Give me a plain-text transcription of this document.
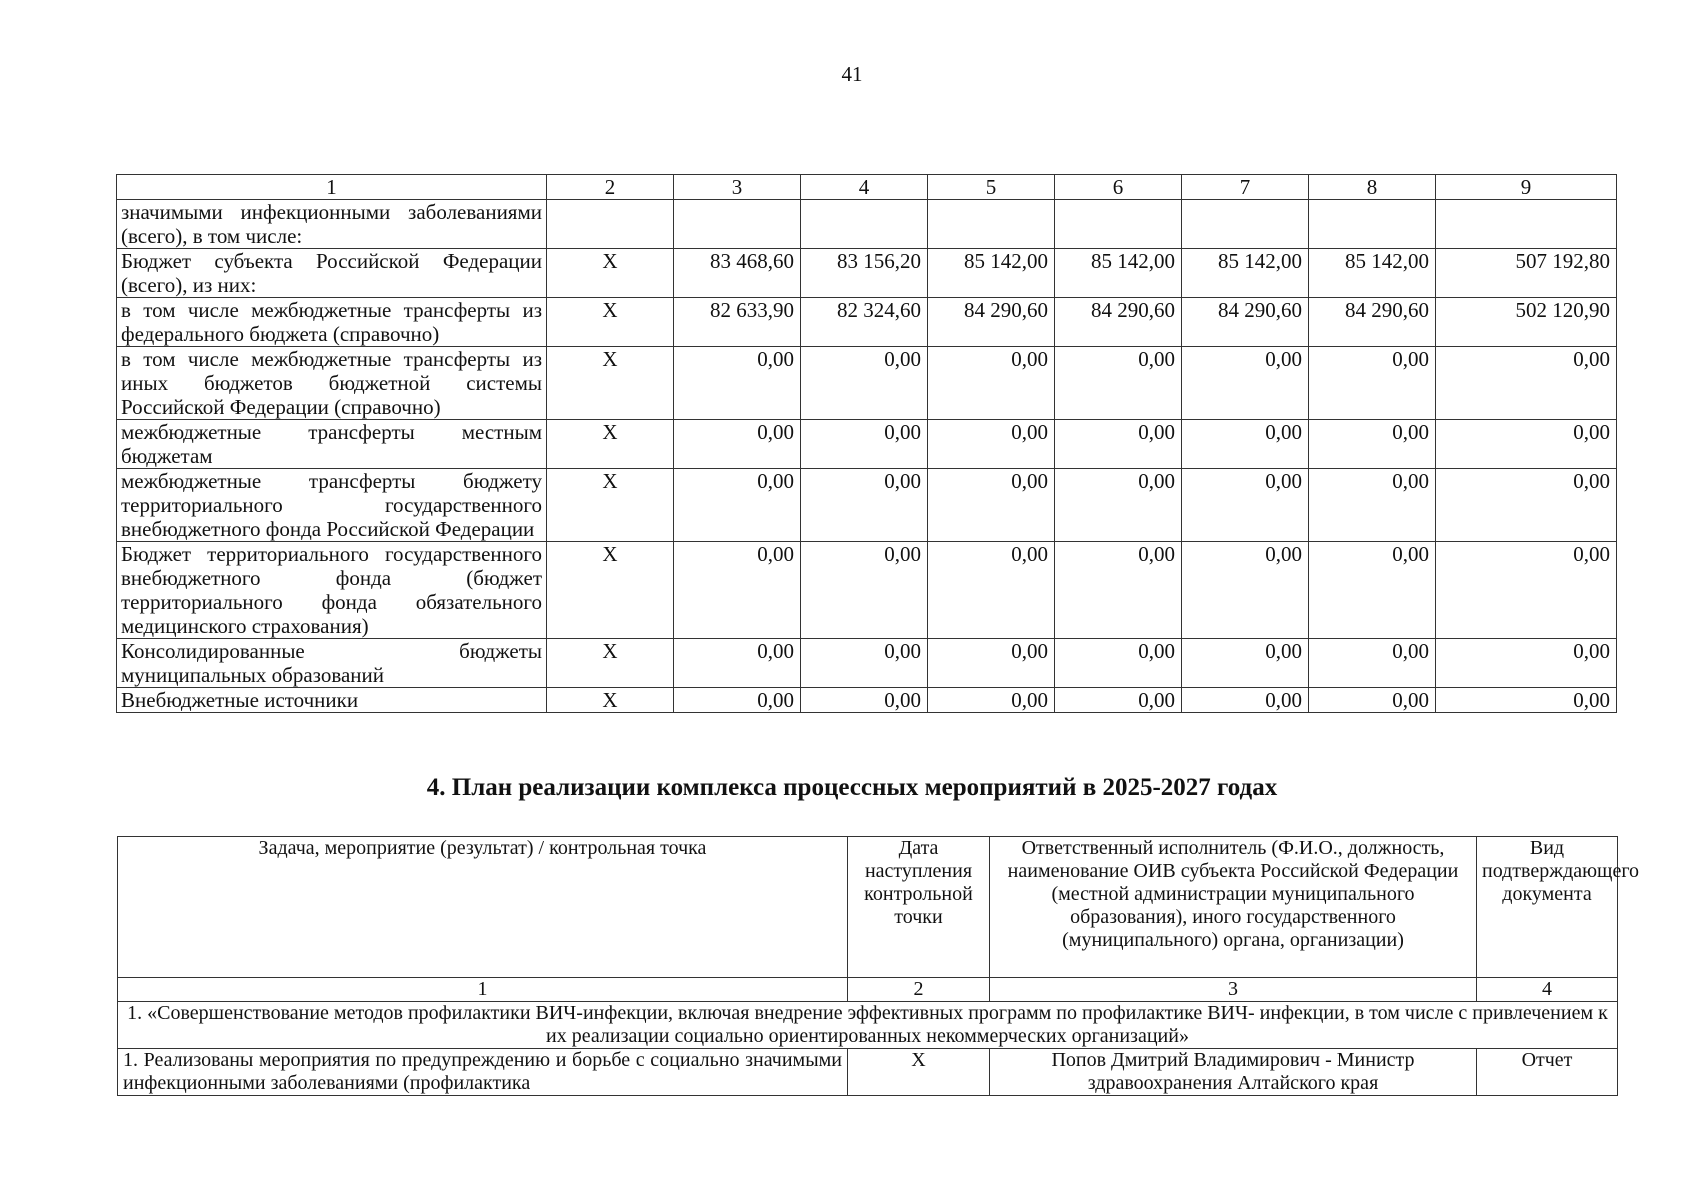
41
1	2	3	4	5	6	7	8	9
значимыми инфекционными заболеваниями (всего), в том числе:								
Бюджет субъекта Российской Федерации (всего), из них:	Х	83 468,60	83 156,20	85 142,00	85 142,00	85 142,00	85 142,00	507 192,80
в том числе межбюджетные трансферты из федерального бюджета (справочно)	Х	82 633,90	82 324,60	84 290,60	84 290,60	84 290,60	84 290,60	502 120,90
в том числе межбюджетные трансферты из иных бюджетов бюджетной системы Российской Федерации (справочно)	Х	0,00	0,00	0,00	0,00	0,00	0,00	0,00
межбюджетные трансферты местным бюджетам	Х	0,00	0,00	0,00	0,00	0,00	0,00	0,00
межбюджетные трансферты бюджету территориального государственного внебюджетного фонда Российской Федерации	Х	0,00	0,00	0,00	0,00	0,00	0,00	0,00
Бюджет территориального государственного внебюджетного фонда (бюджет территориального фонда обязательного медицинского страхования)	Х	0,00	0,00	0,00	0,00	0,00	0,00	0,00
Консолидированные бюджеты муниципальных образований	Х	0,00	0,00	0,00	0,00	0,00	0,00	0,00
Внебюджетные источники	Х	0,00	0,00	0,00	0,00	0,00	0,00	0,00
4. План реализации комплекса процессных мероприятий в 2025-2027 годах
Задача, мероприятие (результат) / контрольная точка	Дата наступления контрольной точки	Ответственный исполнитель (Ф.И.О., должность, наименование ОИВ субъекта Российской Федерации (местной администрации муниципального образования), иного государственного (муниципального) органа, организации)	Вид подтверждающего документа
1	2	3	4
1. «Совершенствование методов профилактики ВИЧ-инфекции, включая внедрение эффективных программ по профилактике ВИЧ- инфекции, в том числе с привлечением к их реализации социально ориентированных некоммерческих организаций»			
1. Реализованы мероприятия по предупреждению и борьбе с социально значимыми инфекционными заболеваниями (профилактика	Х	Попов Дмитрий Владимирович - Министр здравоохранения Алтайского края	Отчет
